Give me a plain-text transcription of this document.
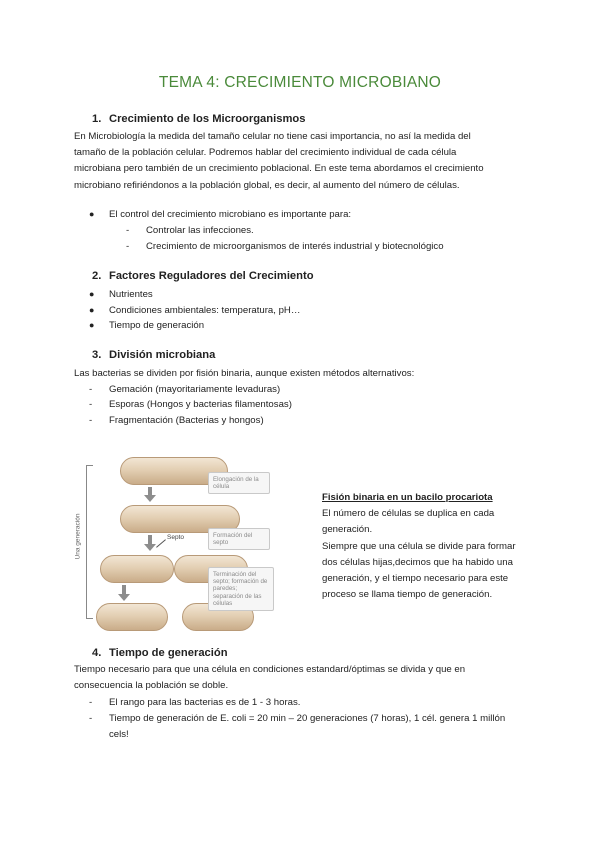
TEMA 4: CRECIMIENTO MICROBIANO
1. Crecimiento de los Microorganismos
En Microbiología la medida del tamaño celular no tiene casi importancia, no así la medida del
tamaño de la población celular. Podremos hablar del crecimiento individual de cada célula
microbiana pero también de un crecimiento poblacional. En este tema abordamos el crecimiento
microbiano refiriéndonos a la población global, es decir, al aumento del número de células.
● El control del crecimiento microbiano es importante para:
- Controlar las infecciones.
- Crecimiento de microorganismos de interés industrial y biotecnológico
2. Factores Reguladores del Crecimiento
● Nutrientes
● Condiciones ambientales: temperatura, pH…
● Tiempo de generación
3. División microbiana
Las bacterias se dividen por fisión binaria, aunque existen métodos alternativos:
- Gemación (mayoritariamente levaduras)
- Esporas (Hongos y bacterias filamentosas)
- Fragmentación (Bacterias y hongos)
Una generación	Septo
Elongación de la célula
Formación del septo
Terminación del septo; formación de paredes; separación de las células
Fisión binaria en un bacilo procariota
El número de células se duplica en cada
generación.
Siempre que una célula se divide para formar
dos células hijas,decimos que ha habido una
generación, y el tiempo necesario para este
proceso se llama tiempo de generación.
4. Tiempo de generación
Tiempo necesario para que una célula en condiciones estandard/óptimas se divida y que en
consecuencia la población se doble.
- El rango para las bacterias es de 1 - 3 horas.
- Tiempo de generación de E. coli = 20 min – 20 generaciones (7 horas), 1 cél. genera 1 millón
cels!
